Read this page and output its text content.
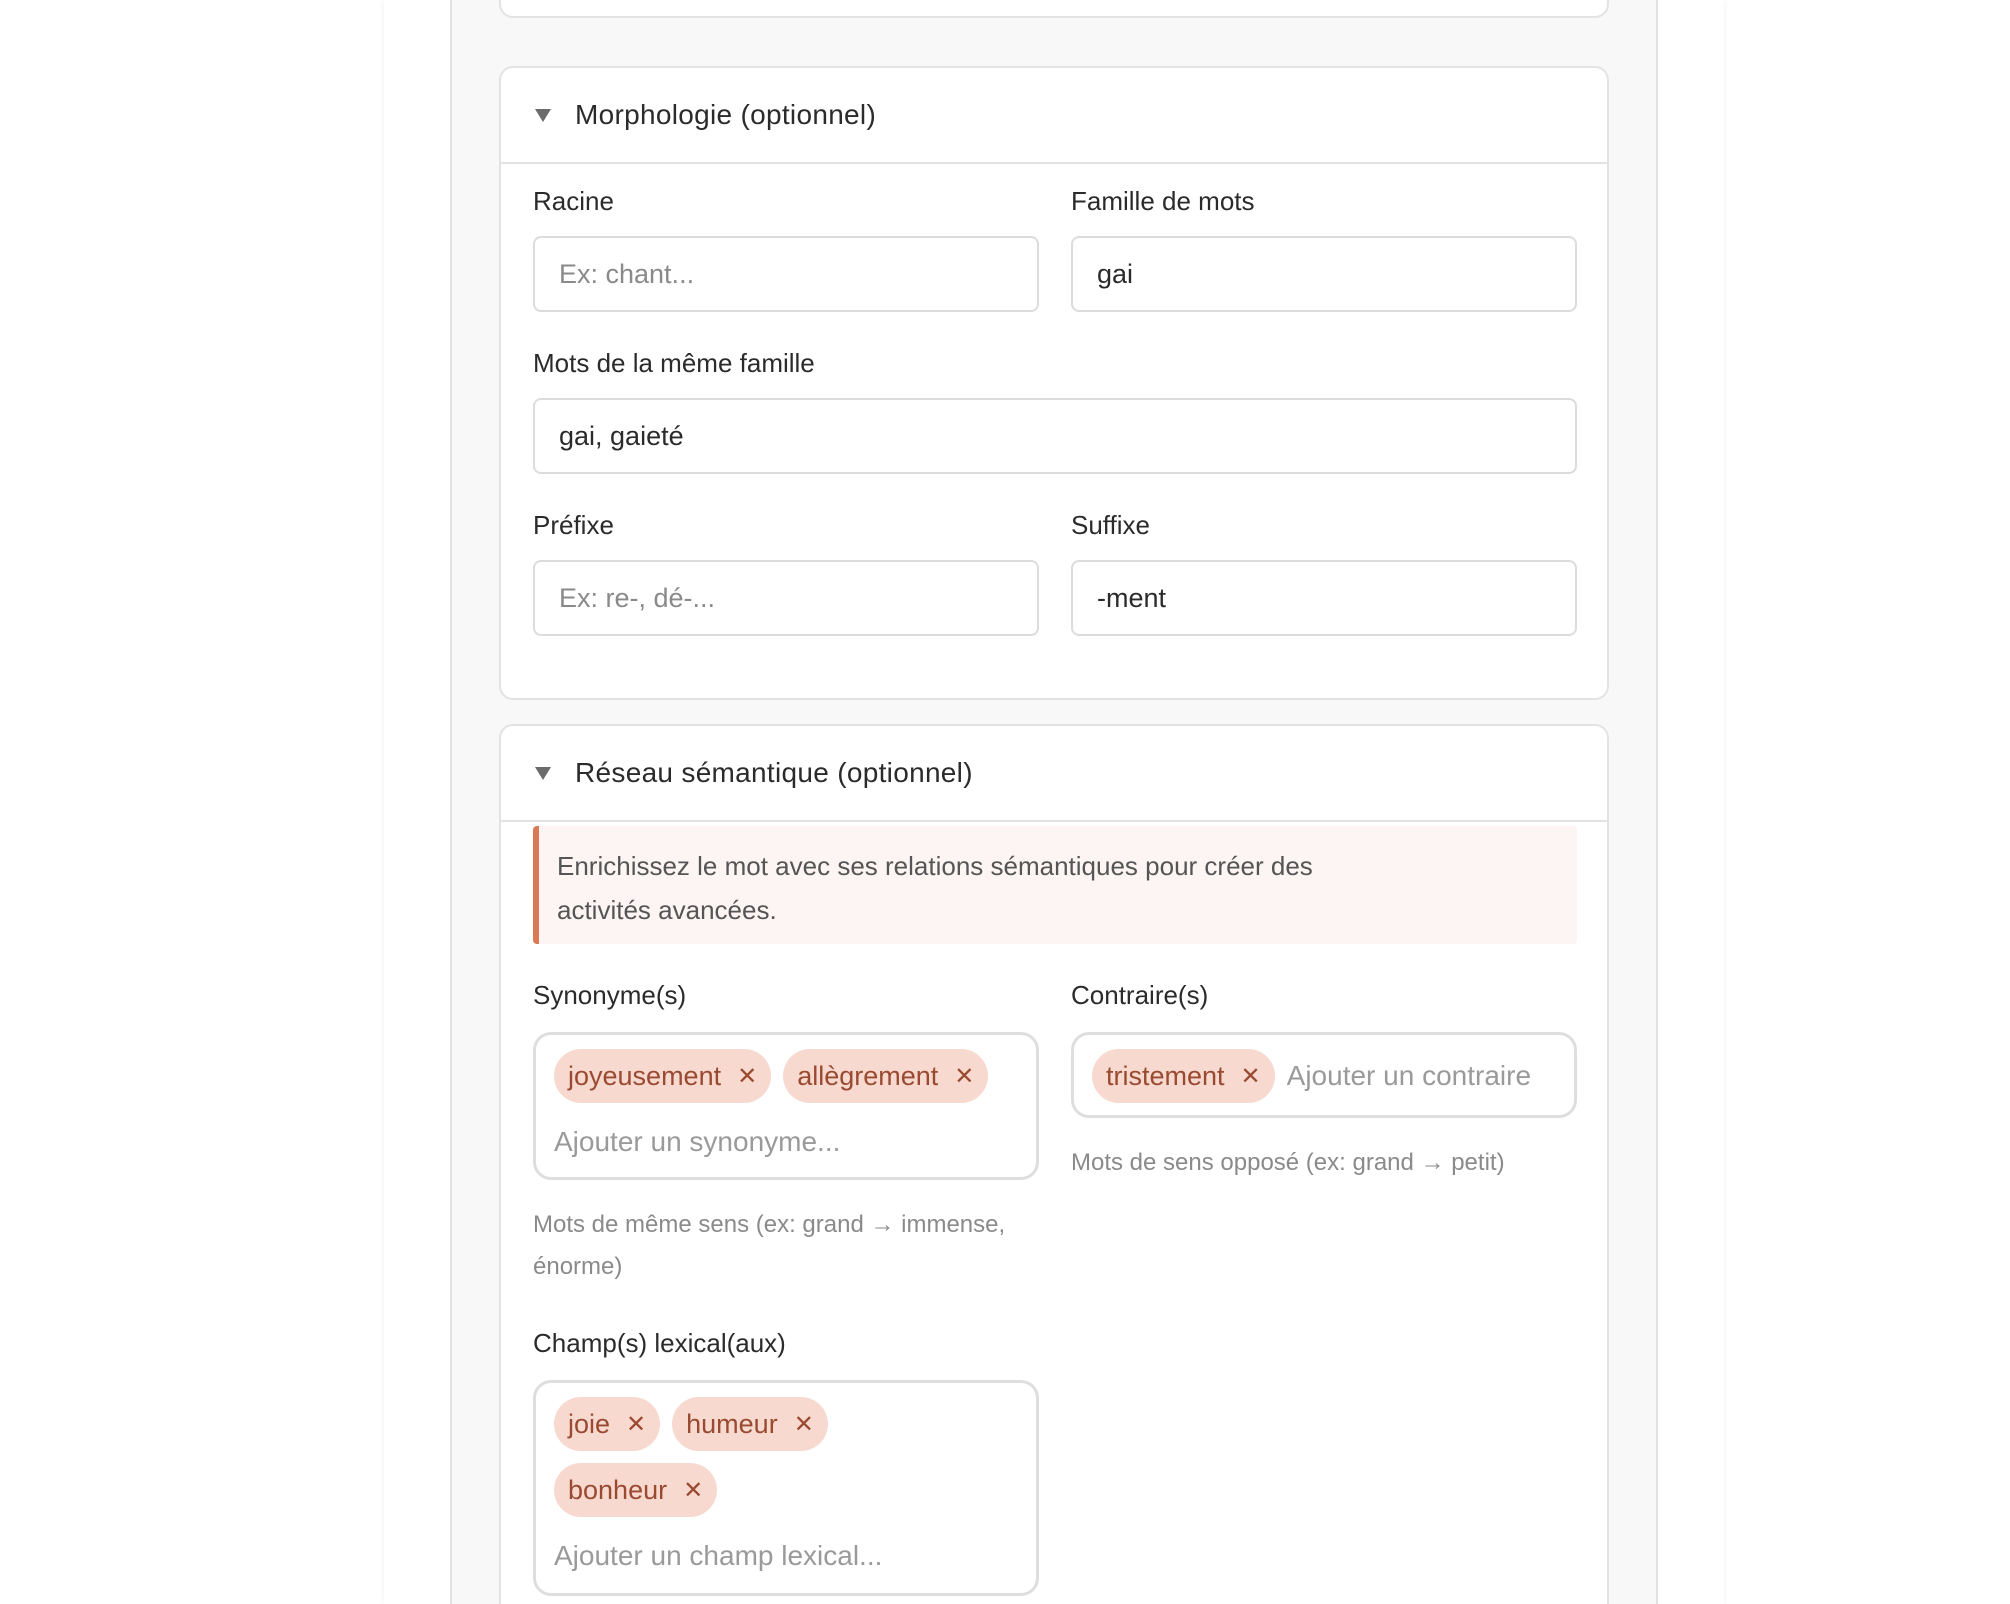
Morphologie (optionnel)
Racine
Ex: chant...	Famille de mots
gai
Mots de la même famille
gai, gaieté
Préfixe
Ex: re-, dé-...	Suffixe
-ment
Réseau sémantique (optionnel)
Enrichissez le mot avec ses relations sémantiques pour créer des
activités avancées.
Synonyme(s)
joyeusement ✕ allègrement ✕
Ajouter un synonyme...
Mots de même sens (ex: grand → immense,
énorme)
Contraire(s)
tristement ✕
Ajouter un contraire
Mots de sens opposé (ex: grand → petit)
Champ(s) lexical(aux)
joie ✕ humeur ✕
bonheur ✕
Ajouter un champ lexical...
